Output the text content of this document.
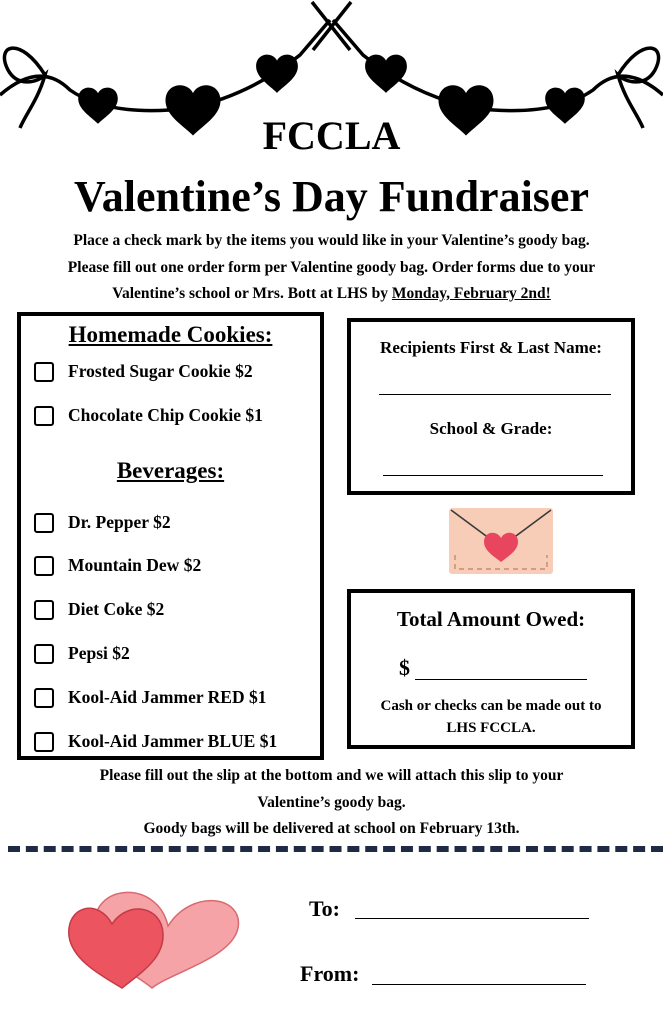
FCCLA
Valentine’s Day Fundraiser
Place a check mark by the items you would like in your Valentine’s goody bag.
Please fill out one order form per Valentine goody bag. Order forms due to your
Valentine’s school or Mrs. Bott at LHS by Monday, February 2nd!
Homemade Cookies:
Frosted Sugar Cookie $2
Chocolate Chip Cookie $1
Beverages:
Dr. Pepper $2
Mountain Dew $2
Diet Coke $2
Pepsi $2
Kool-Aid Jammer RED $1
Kool-Aid Jammer BLUE $1
Recipients First & Last Name:
School & Grade:
Total Amount Owed:
$
Cash or checks can be made out to
LHS FCCLA.
Please fill out the slip at the bottom and we will attach this slip to your
Valentine’s goody bag.
Goody bags will be delivered at school on February 13th.
To:
From:
